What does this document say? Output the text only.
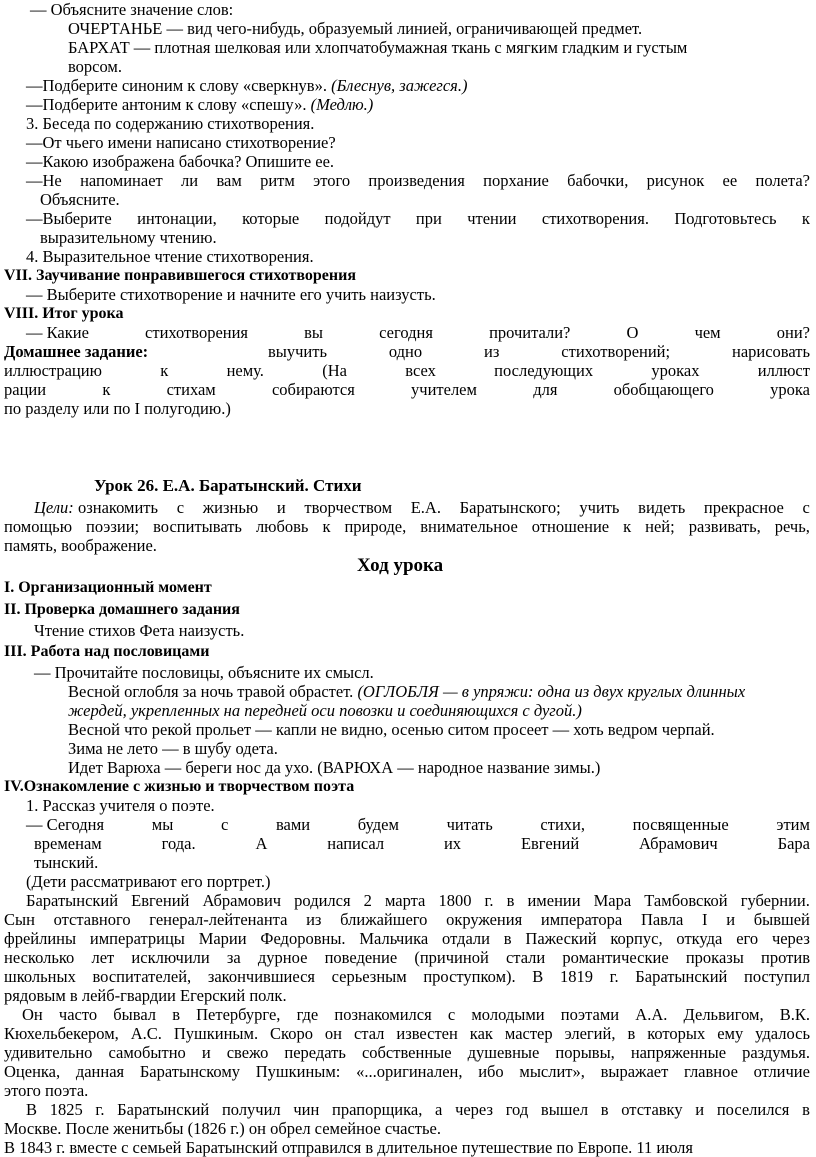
— Объясните значение слов:
ОЧЕРТАНЬЕ — вид чего-нибудь, образуемый линией, ограничивающей предмет.
БАРХАТ — плотная шелковая или хлопчатобумажная ткань с мягким гладким и густым
ворсом.
—Подберите синоним к слову «сверкнув». (Блеснув, зажегся.)
—Подберите антоним к слову «спешу». (Медлю.)
3. Беседа по содержанию стихотворения.
—От чьего имени написано стихотворение?
—Какою изображена бабочка? Опишите ее.
—Не напоминает ли вам ритм этого произведения порхание бабочки, рисунок ее полета?
Объясните.
—Выберите интонации, которые подойдут при чтении стихотворения. Подготовьтесь к
выразительному чтению.
4. Выразительное чтение стихотворения.
VII. Заучивание понравившегося стихотворения
— Выберите стихотворение и начните его учить наизусть.
VIII. Итог урока
— Какие	стихотворения	вы	сегодня	прочитали?	О	чем	они?
Домашнее задание:	выучить	одно	из	стихотворений;	нарисовать
иллюстрацию	к	нему.	(На	всех	последующих	уроках	иллюст
рации	к	стихам	собираются	учителем	для	обобщающего	урока
по разделу или по I полугодию.)
Урок 26. Е.А. Баратынский. Стихи
Цели: ознакомить с жизнью и творчеством Е.А. Баратынского; учить видеть прекрасное с
помощью поэзии; воспитывать любовь к природе, внимательное отношение к ней; развивать, речь,
память, воображение.
Ход урока
I. Организационный момент
II. Проверка домашнего задания
Чтение стихов Фета наизусть.
III. Работа над пословицами
— Прочитайте пословицы, объясните их смысл.
Весной оглобля за ночь травой обрастет. (ОГЛОБЛЯ — в упряжи: одна из двух круглых длинных
жердей, укрепленных на передней оси повозки и соединяющихся с дугой.)
Весной что рекой прольет — капли не видно, осенью ситом просеет — хоть ведром черпай.
Зима не лето — в шубу одета.
Идет Варюха — береги нос да ухо. (ВАРЮХА — народное название зимы.)
IV.Ознакомление с жизнью и творчеством поэта
1. Рассказ учителя о поэте.
— Сегодня	мы	с	вами	будем	читать	стихи,	посвященные	этим
временам	года.	А	написал	их	Евгений	Абрамович	Бара
тынский.
(Дети рассматривают его портрет.)
Баратынский Евгений Абрамович родился 2 марта 1800 г. в имении Мара Тамбовской губернии.
Сын отставного генерал-лейтенанта из ближайшего окружения императора Павла I и бывшей
фрейлины императрицы Марии Федоровны. Мальчика отдали в Пажеский корпус, откуда его через
несколько лет исключили за дурное поведение (причиной стали романтические проказы против
школьных воспитателей, закончившиеся серьезным проступком). В 1819 г. Баратынский поступил
рядовым в лейб-гвардии Егерский полк.
Он часто бывал в Петербурге, где познакомился с молодыми поэтами А.А. Дельвигом, В.К.
Кюхельбекером, А.С. Пушкиным. Скоро он стал известен как мастер элегий, в которых ему удалось
удивительно самобытно и свежо передать собственные душевные порывы, напряженные раздумья.
Оценка, данная Баратынскому Пушкиным: «...оригинален, ибо мыслит», выражает главное отличие
этого поэта.
В 1825 г. Баратынский получил чин прапорщика, а через год вышел в отставку и поселился в
Москве. После женитьбы (1826 г.) он обрел семейное счастье.
В 1843 г. вместе с семьей Баратынский отправился в длительное путешествие по Европе. 11 июля
